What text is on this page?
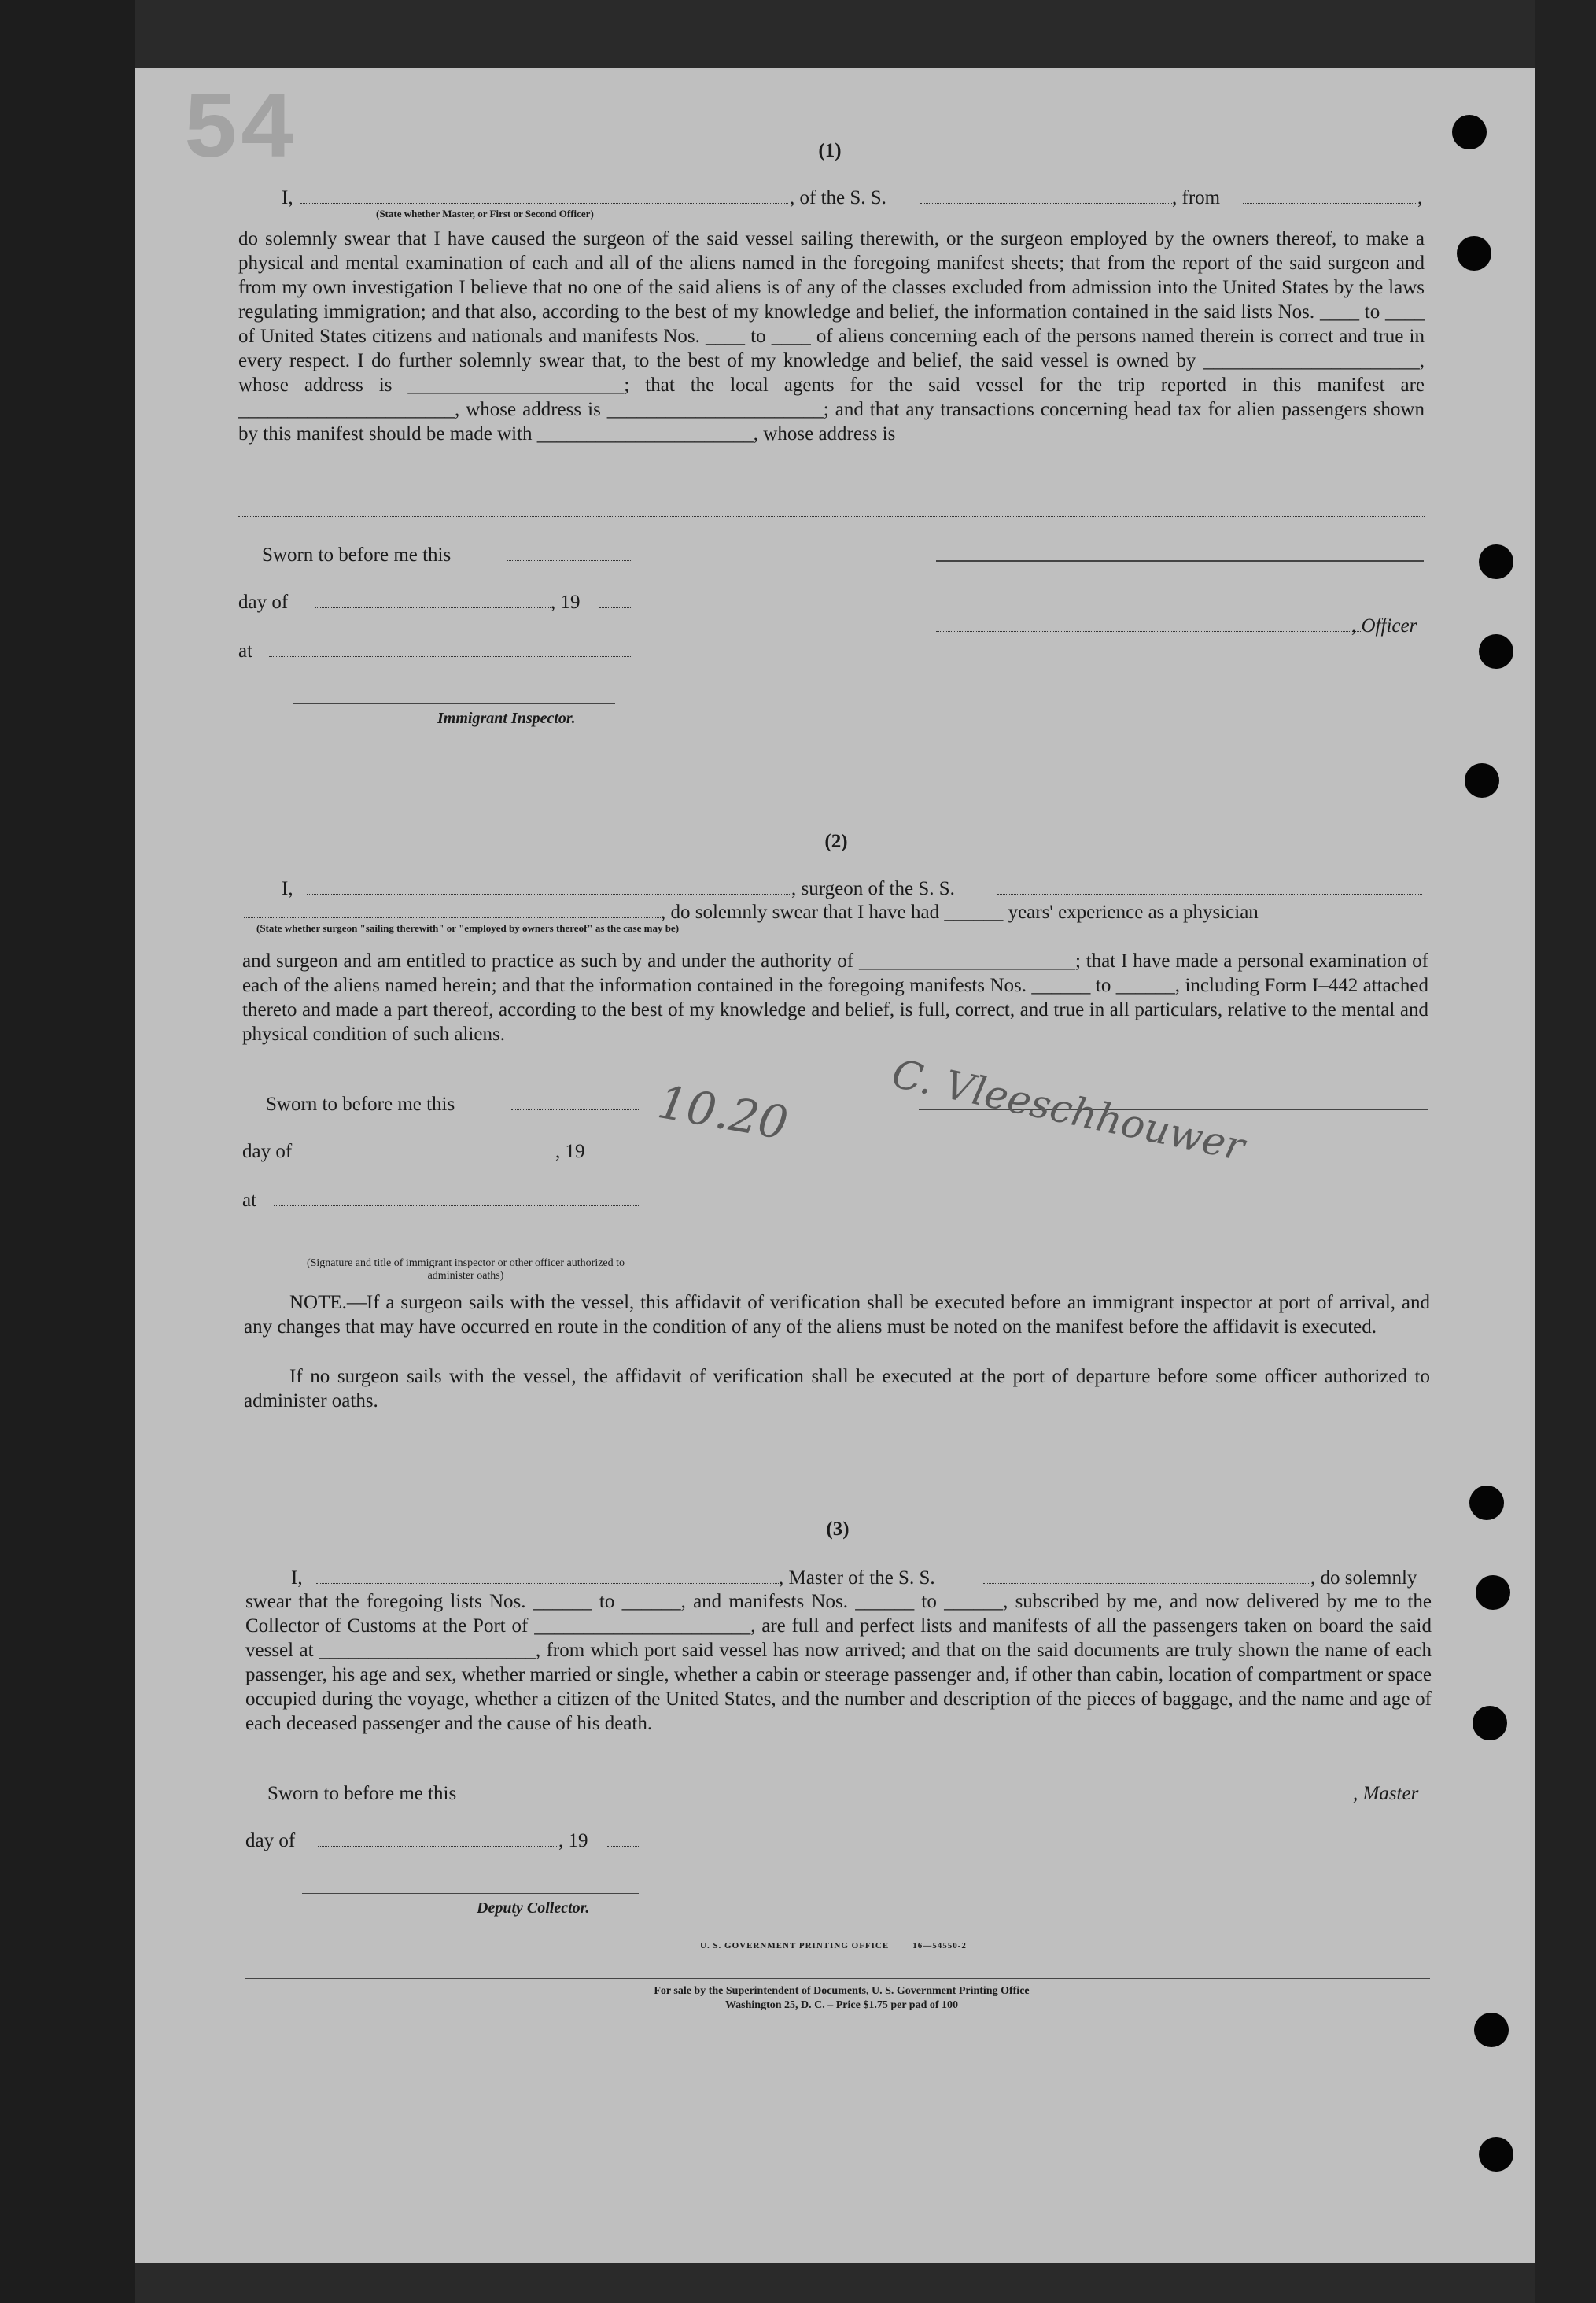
54	(1)
I,	, of the S. S.	, from	,
(State whether Master, or First or Second Officer)
do solemnly swear that I have caused the surgeon of the said vessel sailing therewith, or the surgeon employed by the owners thereof, to make a physical and mental examination of each and all of the aliens named in the foregoing manifest sheets; that from the report of the said surgeon and from my own investigation I believe that no one of the said aliens is of any of the classes excluded from admission into the United States by the laws regulating immigration; and that also, according to the best of my knowledge and belief, the information contained in the said lists Nos. ____ to ____ of United States citizens and nationals and manifests Nos. ____ to ____ of aliens concerning each of the persons named therein is correct and true in every respect. I do further solemnly swear that, to the best of my knowledge and belief, the said vessel is owned by ______________________, whose address is ______________________; that the local agents for the said vessel for the trip reported in this manifest are ______________________, whose address is ______________________; and that any transactions concerning head tax for alien passengers shown by this manifest should be made with ______________________, whose address is
Sworn to before me this
day of	, 19
, Officer
at
Immigrant Inspector.
(2)
I,	, surgeon of the S. S.
, do solemnly swear that I have had ______ years' experience as a physician
(State whether surgeon "sailing therewith" or "employed by owners thereof" as the case may be)
and surgeon and am entitled to practice as such by and under the authority of ______________________; that I have made a personal examination of each of the aliens named herein; and that the information contained in the foregoing manifests Nos. ______ to ______, including Form I–442 attached thereto and made a part thereof, according to the best of my knowledge and belief, is full, correct, and true in all particulars, relative to the mental and physical condition of such aliens.
Sworn to before me this
day of	, 19
at
(Signature and title of immigrant inspector or other officer authorized to administer oaths)
NOTE.—If a surgeon sails with the vessel, this affidavit of verification shall be executed before an immigrant inspector at port of arrival, and any changes that may have occurred en route in the condition of any of the aliens must be noted on the manifest before the affidavit is executed.
If no surgeon sails with the vessel, the affidavit of verification shall be executed at the port of departure before some officer authorized to administer oaths.
(3)
I,	, Master of the S. S.	, do solemnly
swear that the foregoing lists Nos. ______ to ______, and manifests Nos. ______ to ______, subscribed by me, and now delivered by me to the Collector of Customs at the Port of ______________________, are full and perfect lists and manifests of all the passengers taken on board the said vessel at ______________________, from which port said vessel has now arrived; and that on the said documents are truly shown the name of each passenger, his age and sex, whether married or single, whether a cabin or steerage passenger and, if other than cabin, location of compartment or space occupied during the voyage, whether a citizen of the United States, and the number and description of the pieces of baggage, and the name and age of each deceased passenger and the cause of his death.
Sworn to before me this	, Master
day of	, 19
Deputy Collector.
U. S. GOVERNMENT PRINTING OFFICE        16—54550-2
For sale by the Superintendent of Documents, U. S. Government Printing Office
Washington 25, D. C. – Price $1.75 per pad of 100
C. Vleeschhouwer
10.20
